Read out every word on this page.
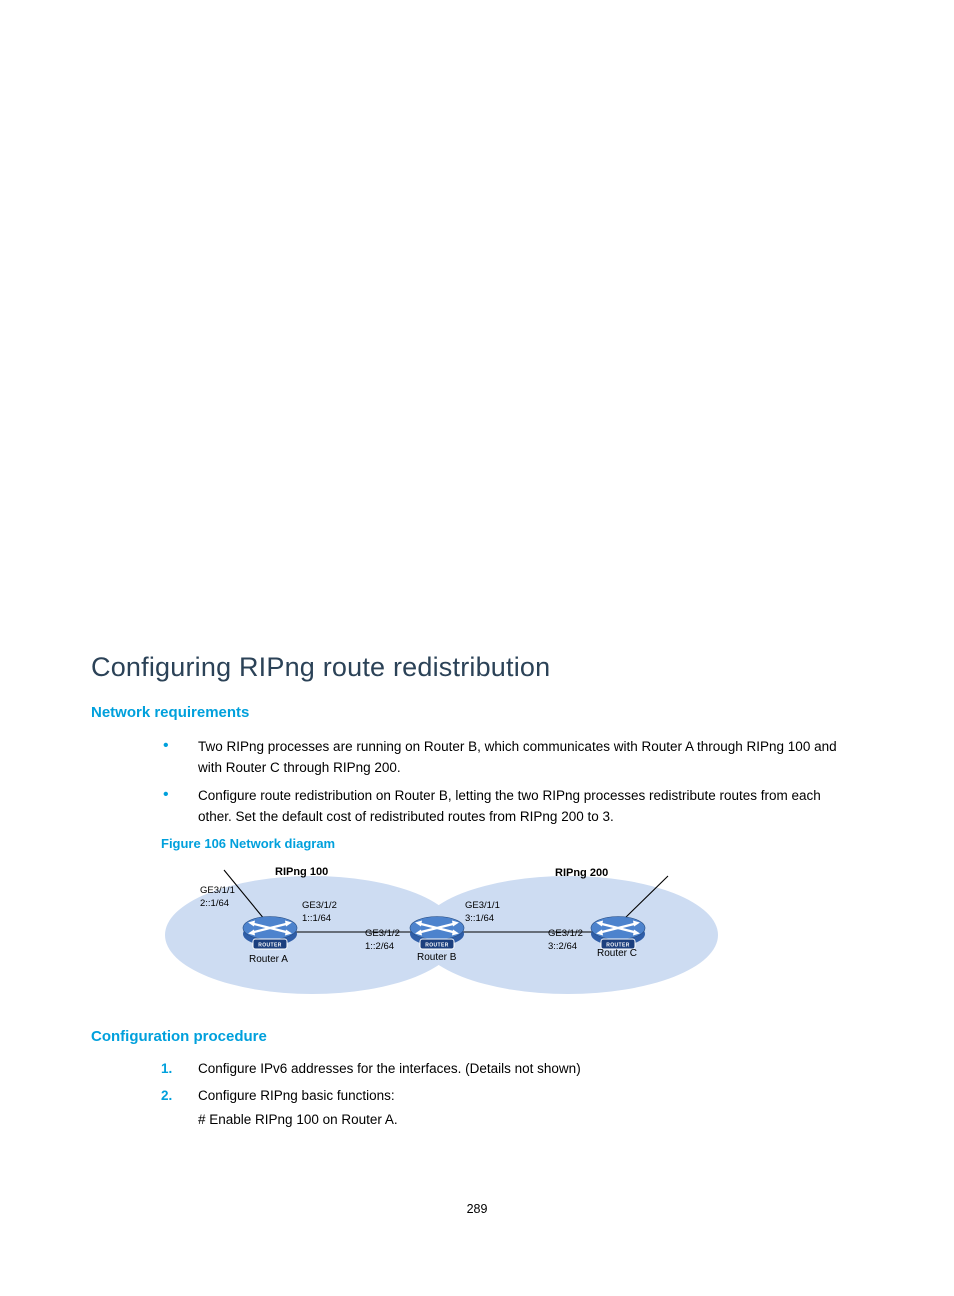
Configuring RIPng route redistribution
Network requirements
• Two RIPng processes are running on Router B, which communicates with Router A through RIPng 100 and with Router C through RIPng 200.
• Configure route redistribution on Router B, letting the two RIPng processes redistribute routes from each other. Set the default cost of redistributed routes from RIPng 200 to 3.
Figure 106 Network diagram
RIPng 100	RIPng 200
GE3/1/1
2::1/64	GE3/1/2
1::1/64
GE3/1/2
1::2/64
GE3/1/1
3::1/64
GE3/1/2
3::2/64
ROUTER	ROUTER	ROUTER
Router A	Router B	Router C
Configuration procedure
1.	Configure IPv6 addresses for the interfaces. (Details not shown)
2.	Configure RIPng basic functions:
# Enable RIPng 100 on Router A.
289
